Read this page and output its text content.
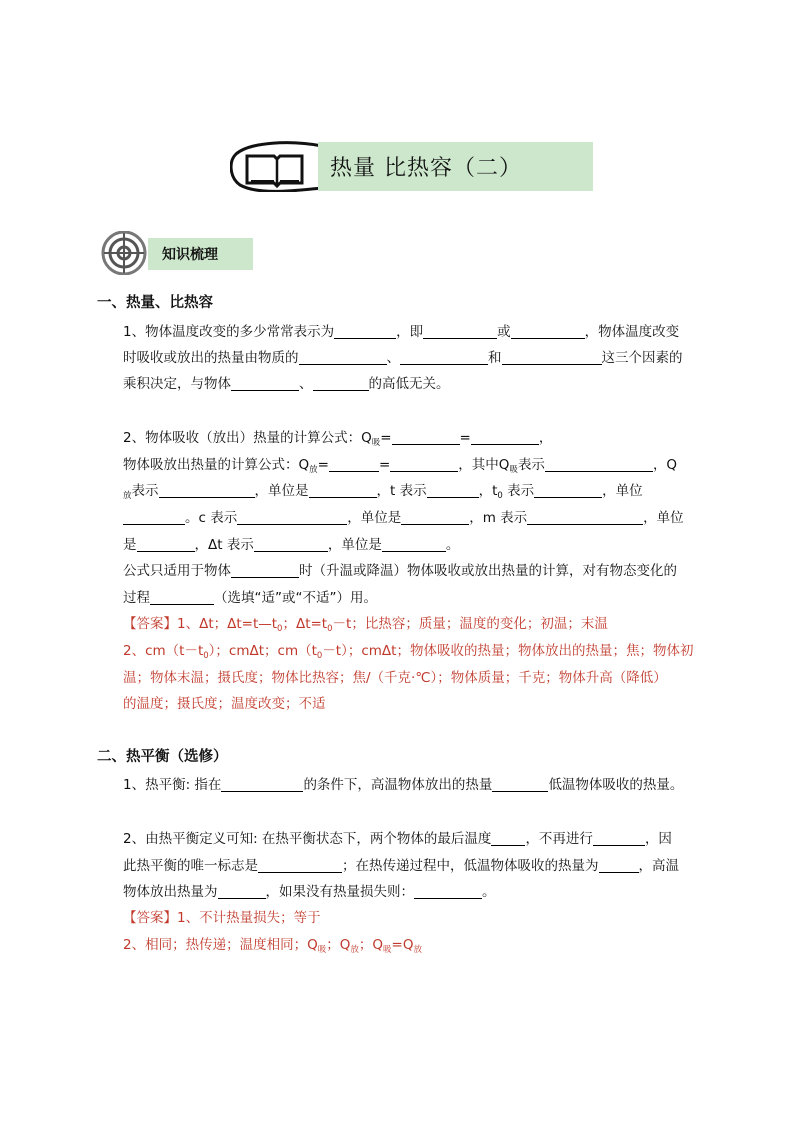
热量 比热容（二）
知识梳理
一、热量、比热容
1、物体温度改变的多少常常表示为	，即	或	，物体温度改变
时吸收或放出的热量由物质的	、	和	这三个因素的
乘积决定，与物体	、	的高低无关。
2、物体吸收（放出）热量的计算公式：$Q_吸=$	=	，
物体吸放出热量的计算公式：$Q_放=$	=	，其中$Q_吸$表示	，Q
$_放$表示	，单位是	，t 表示	，$t_0$ 表示	，单位
。c 表示	，单位是	，m 表示	，单位
是	，Δt 表示	，单位是	。
公式只适用于物体	时（升温或降温）物体吸收或放出热量的计算，对有物态变化的
过程	（选填“适”或“不适”）用。
【答案】1、Δt；$\Delta t=t—t_0$；$\Delta t=t_0-t$；比热容；质量；温度的变化；初温；末温
2、$cm(t-t_0)$；cmΔt；$cm(t_0-t)$；cmΔt；物体吸收的热量；物体放出的热量；焦；物体初
温；物体末温；摄氏度；物体比热容；焦/（千克·℃）；物体质量；千克；物体升高（降低）
的温度；摄氏度；温度改变；不适
二、热平衡（选修）
1、热平衡: 指在	的条件下，高温物体放出的热量	低温物体吸收的热量。
2、由热平衡定义可知: 在热平衡状态下，两个物体的最后温度	，不再进行	，因
此热平衡的唯一标志是	；在热传递过程中，低温物体吸收的热量为	，高温
物体放出热量为	，如果没有热量损失则：	。
【答案】1、不计热量损失；等于
2、相同；热传递；温度相同；$Q_吸$；$Q_放$；$Q_吸=Q_放$
